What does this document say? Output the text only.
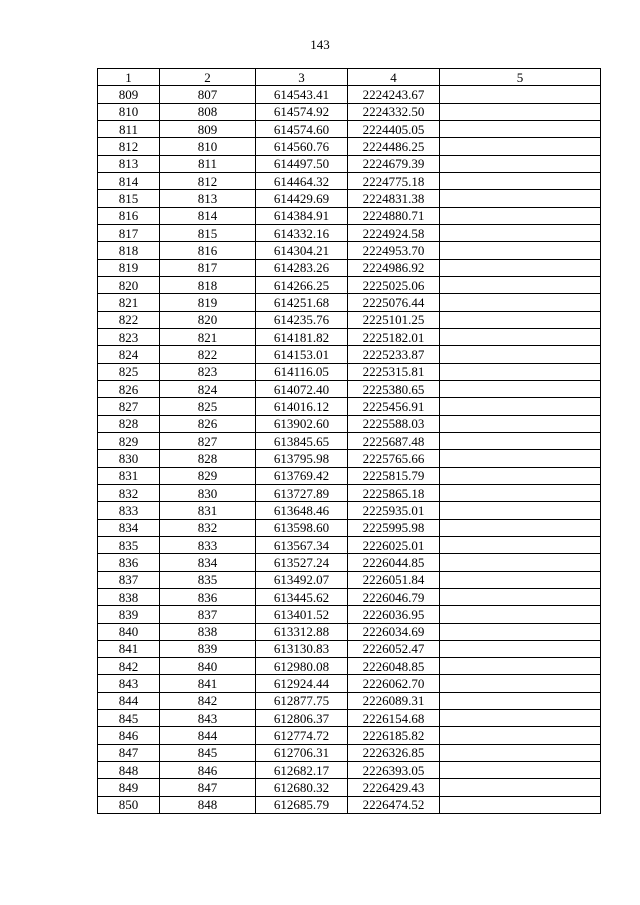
143
1	2	3	4	5
809	807	614543.41	2224243.67	
810	808	614574.92	2224332.50	
811	809	614574.60	2224405.05	
812	810	614560.76	2224486.25	
813	811	614497.50	2224679.39	
814	812	614464.32	2224775.18	
815	813	614429.69	2224831.38	
816	814	614384.91	2224880.71	
817	815	614332.16	2224924.58	
818	816	614304.21	2224953.70	
819	817	614283.26	2224986.92	
820	818	614266.25	2225025.06	
821	819	614251.68	2225076.44	
822	820	614235.76	2225101.25	
823	821	614181.82	2225182.01	
824	822	614153.01	2225233.87	
825	823	614116.05	2225315.81	
826	824	614072.40	2225380.65	
827	825	614016.12	2225456.91	
828	826	613902.60	2225588.03	
829	827	613845.65	2225687.48	
830	828	613795.98	2225765.66	
831	829	613769.42	2225815.79	
832	830	613727.89	2225865.18	
833	831	613648.46	2225935.01	
834	832	613598.60	2225995.98	
835	833	613567.34	2226025.01	
836	834	613527.24	2226044.85	
837	835	613492.07	2226051.84	
838	836	613445.62	2226046.79	
839	837	613401.52	2226036.95	
840	838	613312.88	2226034.69	
841	839	613130.83	2226052.47	
842	840	612980.08	2226048.85	
843	841	612924.44	2226062.70	
844	842	612877.75	2226089.31	
845	843	612806.37	2226154.68	
846	844	612774.72	2226185.82	
847	845	612706.31	2226326.85	
848	846	612682.17	2226393.05	
849	847	612680.32	2226429.43	
850	848	612685.79	2226474.52	
